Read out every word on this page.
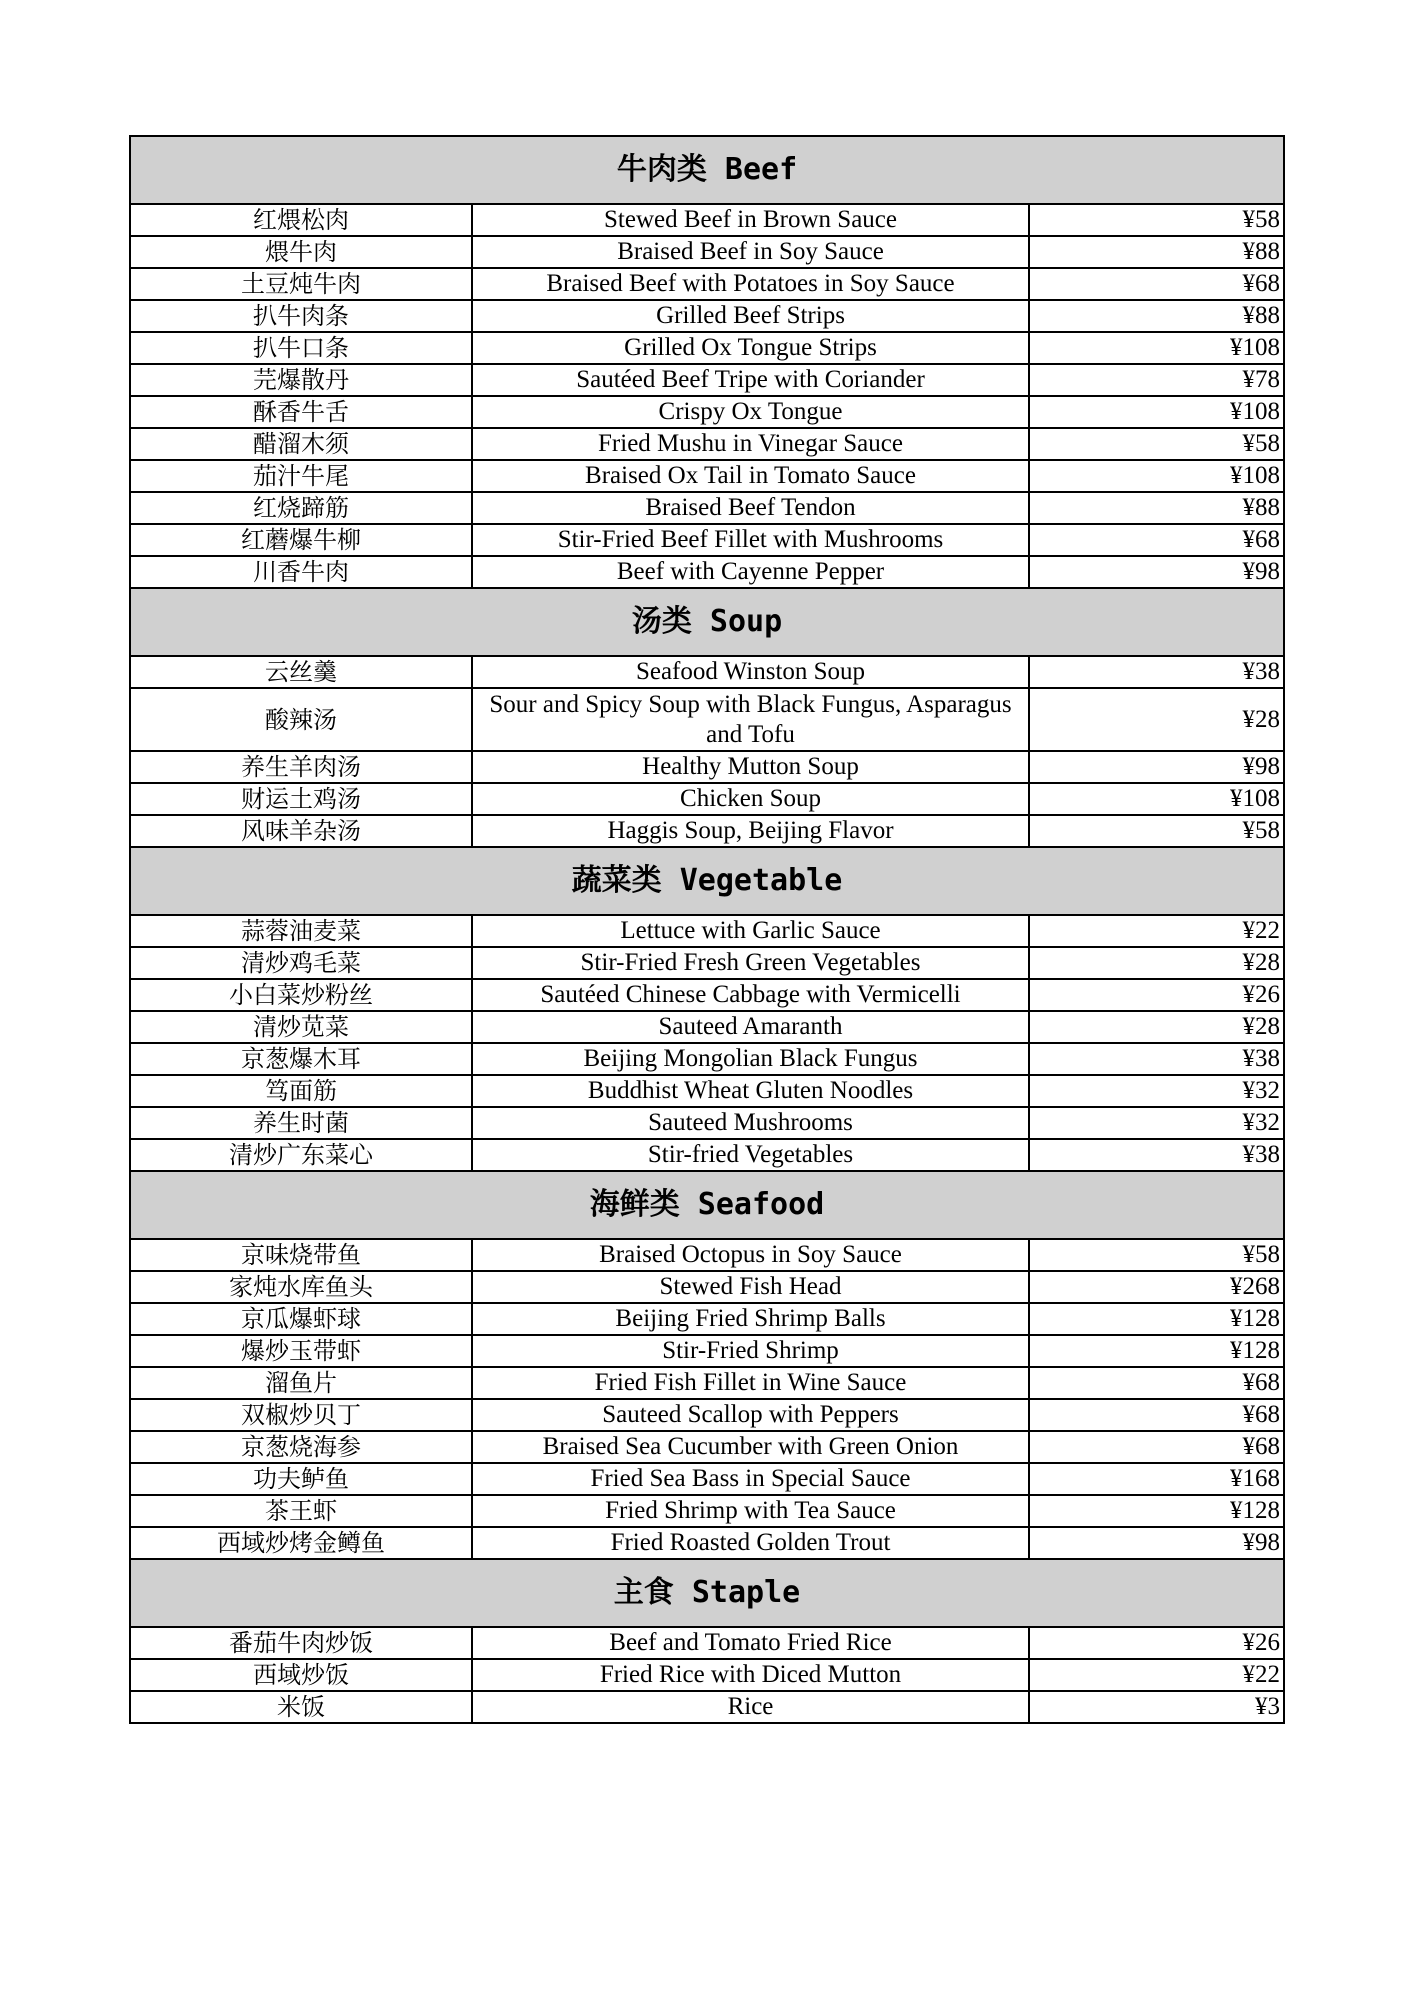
牛肉类 Beef		
红煨松肉	Stewed Beef in Brown Sauce	¥58
煨牛肉	Braised Beef in Soy Sauce	¥88
土豆炖牛肉	Braised Beef with Potatoes in Soy Sauce	¥68
扒牛肉条	Grilled Beef Strips	¥88
扒牛口条	Grilled Ox Tongue Strips	¥108
芫爆散丹	Sautéed Beef Tripe with Coriander	¥78
酥香牛舌	Crispy Ox Tongue	¥108
醋溜木须	Fried Mushu in Vinegar Sauce	¥58
茄汁牛尾	Braised Ox Tail in Tomato Sauce	¥108
红烧蹄筋	Braised Beef Tendon	¥88
红蘑爆牛柳	Stir-Fried Beef Fillet with Mushrooms	¥68
川香牛肉	Beef with Cayenne Pepper	¥98
汤类 Soup		
云丝羹	Seafood Winston Soup	¥38
酸辣汤	Sour and Spicy Soup with Black Fungus, Asparagus and Tofu	¥28
养生羊肉汤	Healthy Mutton Soup	¥98
财运土鸡汤	Chicken Soup	¥108
风味羊杂汤	Haggis Soup, Beijing Flavor	¥58
蔬菜类 Vegetable		
蒜蓉油麦菜	Lettuce with Garlic Sauce	¥22
清炒鸡毛菜	Stir-Fried Fresh Green Vegetables	¥28
小白菜炒粉丝	Sautéed Chinese Cabbage with Vermicelli	¥26
清炒苋菜	Sauteed Amaranth	¥28
京葱爆木耳	Beijing Mongolian Black Fungus	¥38
笃面筋	Buddhist Wheat Gluten Noodles	¥32
养生时菌	Sauteed Mushrooms	¥32
清炒广东菜心	Stir-fried Vegetables	¥38
海鲜类 Seafood		
京味烧带鱼	Braised Octopus in Soy Sauce	¥58
家炖水库鱼头	Stewed Fish Head	¥268
京瓜爆虾球	Beijing Fried Shrimp Balls	¥128
爆炒玉带虾	Stir-Fried Shrimp	¥128
溜鱼片	Fried Fish Fillet in Wine Sauce	¥68
双椒炒贝丁	Sauteed Scallop with Peppers	¥68
京葱烧海参	Braised Sea Cucumber with Green Onion	¥68
功夫鲈鱼	Fried Sea Bass in Special Sauce	¥168
茶王虾	Fried Shrimp with Tea Sauce	¥128
西域炒烤金鳟鱼	Fried Roasted Golden Trout	¥98
主食 Staple		
番茄牛肉炒饭	Beef and Tomato Fried Rice	¥26
西域炒饭	Fried Rice with Diced Mutton	¥22
米饭	Rice	¥3
